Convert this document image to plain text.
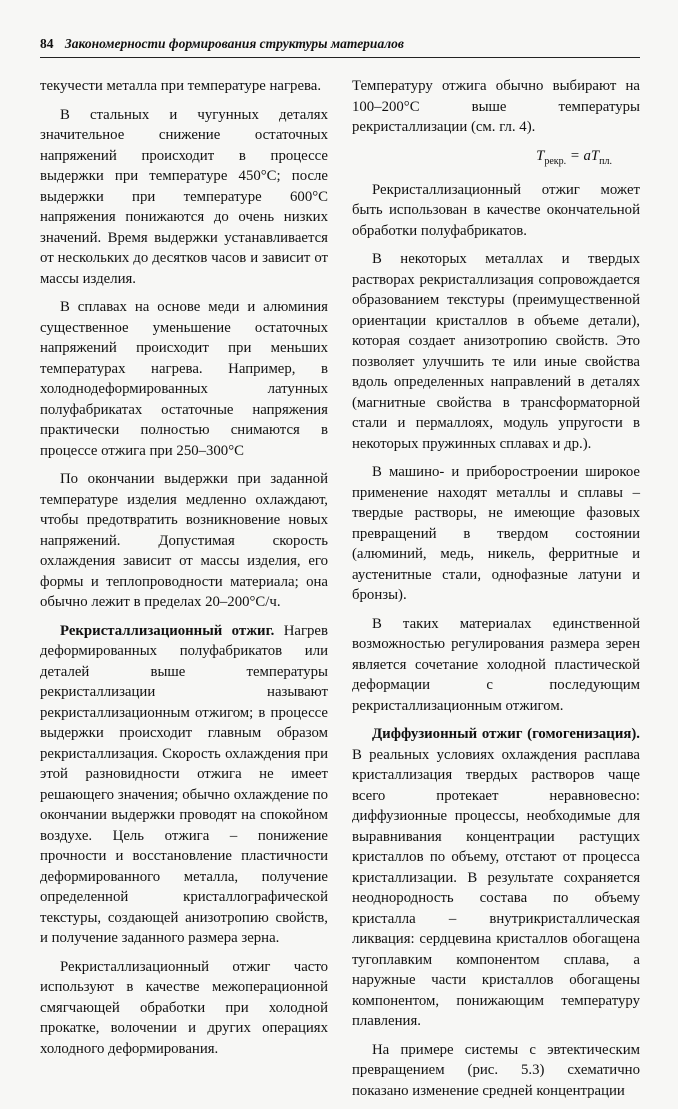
84 Закономерности формирования структуры материалов

текучести металла при температуре нагрева.

В стальных и чугунных деталях значительное снижение остаточных напряжений происходит в процессе выдержки при температуре 450°C; после выдержки при температуре 600°C напряжения понижаются до очень низких значений. Время выдержки устанавливается от нескольких до десятков часов и зависит от массы изделия.

В сплавах на основе меди и алюминия существенное уменьшение остаточных напряжений происходит при меньших температурах нагрева. Например, в холоднодеформированных латунных полуфабрикатах остаточные напряжения практически полностью снимаются в процессе отжига при 250–300°C

По окончании выдержки при заданной температуре изделия медленно охлаждают, чтобы предотвратить возникновение новых напряжений. Допустимая скорость охлаждения зависит от массы изделия, его формы и теплопроводности материала; она обычно лежит в пределах 20–200°C/ч.

Рекристаллизационный отжиг. Нагрев деформированных полуфабрикатов или деталей выше температуры рекристаллизации называют рекристаллизационным отжигом; в процессе выдержки происходит главным образом рекристаллизация. Скорость охлаждения при этой разновидности отжига не имеет решающего значения; обычно охлаждение по окончании выдержки проводят на спокойном воздухе. Цель отжига – понижение прочности и восстановление пластичности деформированного металла, получение определенной кристаллографической текстуры, создающей анизотропию свойств, и получение заданного размера зерна.

Рекристаллизационный отжиг часто используют в качестве межоперационной смягчающей обработки при холодной прокатке, волочении и других операциях холодного деформирования.

Температуру отжига обычно выбирают на 100–200°C выше температуры рекристаллизации (см. гл. 4).

$T_{рекр.} = aT_{пл.}$

Рекристаллизационный отжиг может быть использован в качестве окончательной обработки полуфабрикатов.

В некоторых металлах и твердых растворах рекристаллизация сопровождается образованием текстуры (преимущественной ориентации кристаллов в объеме детали), которая создает анизотропию свойств. Это позволяет улучшить те или иные свойства вдоль определенных направлений в деталях (магнитные свойства в трансформаторной стали и пермаллоях, модуль упругости в некоторых пружинных сплавах и др.).

В машино- и приборостроении широкое применение находят металлы и сплавы – твердые растворы, не имеющие фазовых превращений в твердом состоянии (алюминий, медь, никель, ферритные и аустенитные стали, однофазные латуни и бронзы).

В таких материалах единственной возможностью регулирования размера зерен является сочетание холодной пластической деформации с последующим рекристаллизационным отжигом.

Диффузионный отжиг (гомогенизация). В реальных условиях охлаждения расплава кристаллизация твердых растворов чаще всего протекает неравновесно: диффузионные процессы, необходимые для выравнивания концентрации растущих кристаллов по объему, отстают от процесса кристаллизации. В результате сохраняется неоднородность состава по объему кристалла – внутрикристаллическая ликвация: сердцевина кристаллов обогащена тугоплавким компонентом сплава, а наружные части кристаллов обогащены компонентом, понижающим температуру плавления.

На примере системы с эвтектическим превращением (рис. 5.3) схематично показано изменение средней концентрации
